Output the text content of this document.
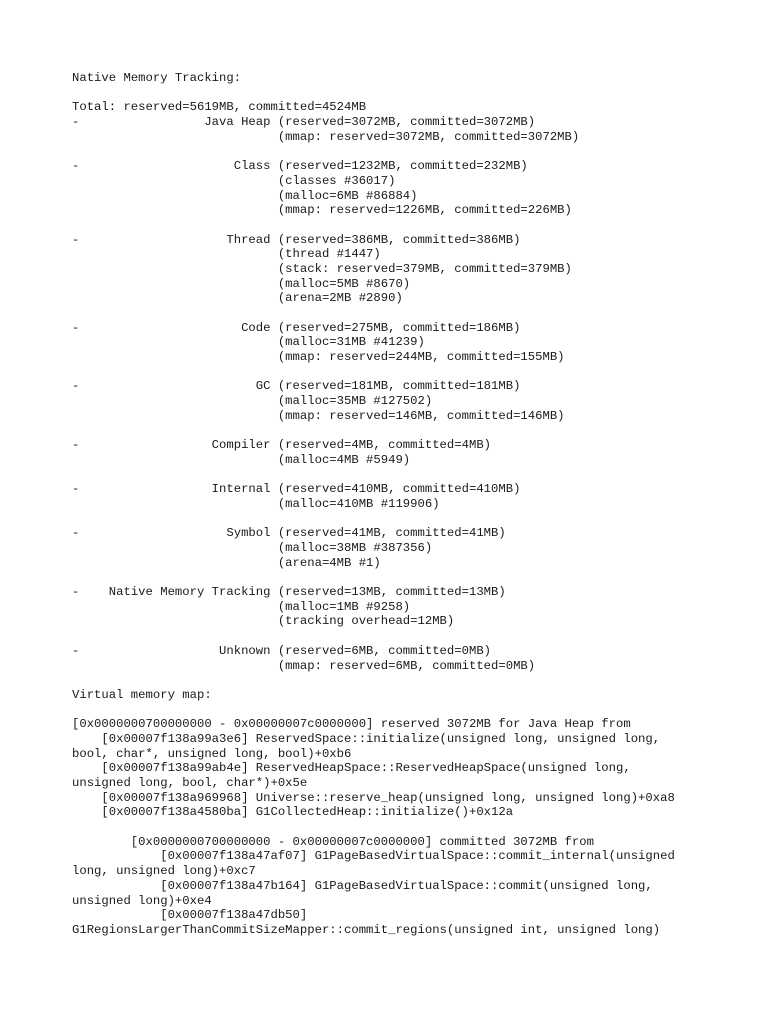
Native Memory Tracking:
Total: reserved=5619MB, committed=4524MB
-                 Java Heap (reserved=3072MB, committed=3072MB)
(mmap: reserved=3072MB, committed=3072MB)
-                     Class (reserved=1232MB, committed=232MB)
(classes #36017)
(malloc=6MB #86884)
(mmap: reserved=1226MB, committed=226MB)
-                    Thread (reserved=386MB, committed=386MB)
(thread #1447)
(stack: reserved=379MB, committed=379MB)
(malloc=5MB #8670)
(arena=2MB #2890)
-                      Code (reserved=275MB, committed=186MB)
(malloc=31MB #41239)
(mmap: reserved=244MB, committed=155MB)
-                        GC (reserved=181MB, committed=181MB)
(malloc=35MB #127502)
(mmap: reserved=146MB, committed=146MB)
-                  Compiler (reserved=4MB, committed=4MB)
(malloc=4MB #5949)
-                  Internal (reserved=410MB, committed=410MB)
(malloc=410MB #119906)
-                    Symbol (reserved=41MB, committed=41MB)
(malloc=38MB #387356)
(arena=4MB #1)
-    Native Memory Tracking (reserved=13MB, committed=13MB)
(malloc=1MB #9258)
(tracking overhead=12MB)
-                   Unknown (reserved=6MB, committed=0MB)
(mmap: reserved=6MB, committed=0MB)
Virtual memory map:
[0x0000000700000000 - 0x00000007c0000000] reserved 3072MB for Java Heap from
[0x00007f138a99a3e6] ReservedSpace::initialize(unsigned long, unsigned long,
bool, char*, unsigned long, bool)+0xb6
[0x00007f138a99ab4e] ReservedHeapSpace::ReservedHeapSpace(unsigned long,
unsigned long, bool, char*)+0x5e
[0x00007f138a969968] Universe::reserve_heap(unsigned long, unsigned long)+0xa8
[0x00007f138a4580ba] G1CollectedHeap::initialize()+0x12a
[0x0000000700000000 - 0x00000007c0000000] committed 3072MB from
[0x00007f138a47af07] G1PageBasedVirtualSpace::commit_internal(unsigned
long, unsigned long)+0xc7
[0x00007f138a47b164] G1PageBasedVirtualSpace::commit(unsigned long,
unsigned long)+0xe4
[0x00007f138a47db50]
G1RegionsLargerThanCommitSizeMapper::commit_regions(unsigned int, unsigned long)
